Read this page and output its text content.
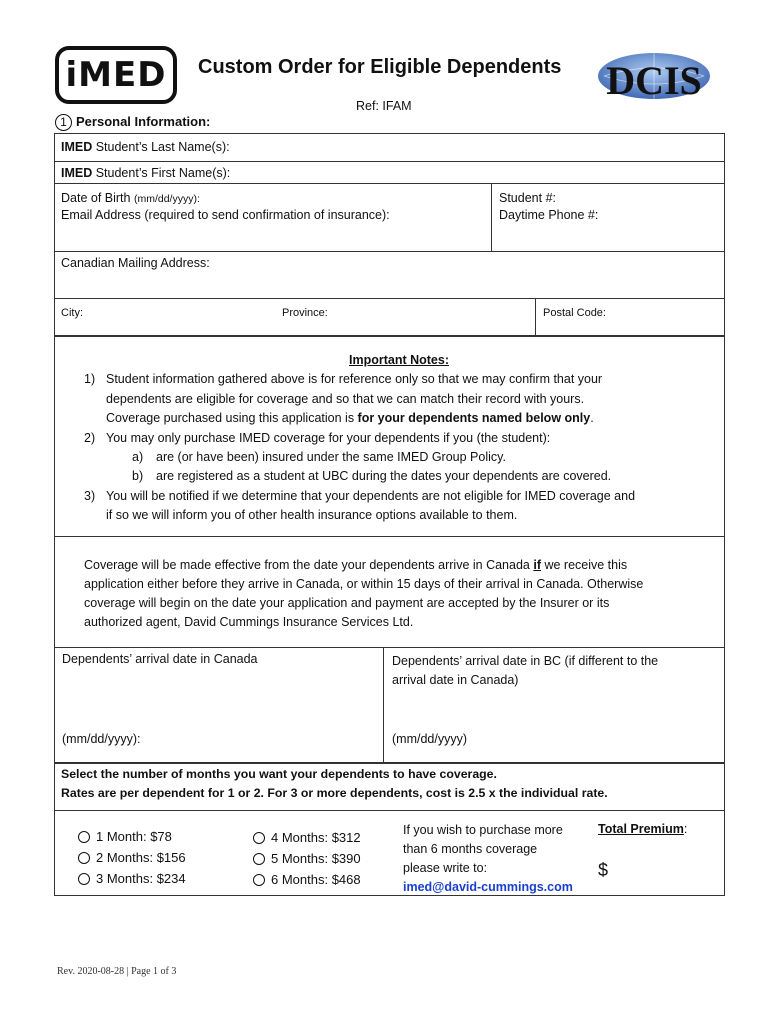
iMED	Custom Order for Eligible Dependents DCIS
Ref: IFAM
1 Personal Information:
IMED Student’s Last Name(s):
IMED Student’s First Name(s):
Date of Birth (mm/dd/yyyy):
Email Address (required to send confirmation of insurance):
Student #:
Daytime Phone #:
Canadian Mailing Address:
City:	Province:	Postal Code:
Important Notes:
1) Student information gathered above is for reference only so that we may confirm that your
dependents are eligible for coverage and so that we can match their record with yours.
Coverage purchased using this application is for your dependents named below only.
2) You may only purchase IMED coverage for your dependents if you (the student):
a)	are (or have been) insured under the same IMED Group Policy.
b)	are registered as a student at UBC during the dates your dependents are covered.
3) You will be notified if we determine that your dependents are not eligible for IMED coverage and
if so we will inform you of other health insurance options available to them.
Coverage will be made effective from the date your dependents arrive in Canada if we receive this
application either before they arrive in Canada, or within 15 days of their arrival in Canada. Otherwise
coverage will begin on the date your application and payment are accepted by the Insurer or its
authorized agent, David Cummings Insurance Services Ltd.
Dependents’ arrival date in Canada	Dependents’ arrival date in BC (if different to the
arrival date in Canada)
(mm/dd/yyyy):	(mm/dd/yyyy)
Select the number of months you want your dependents to have coverage.
Rates are per dependent for 1 or 2. For 3 or more dependents, cost is 2.5 x the individual rate.
1 Month: $78
2 Months: $156
3 Months: $234
4 Months: $312
5 Months: $390
6 Months: $468
If you wish to purchase more
than 6 months coverage
please write to:
imed@david-cummings.com
Total Premium:
$
Rev. 2020-08-28 | Page 1 of 3
